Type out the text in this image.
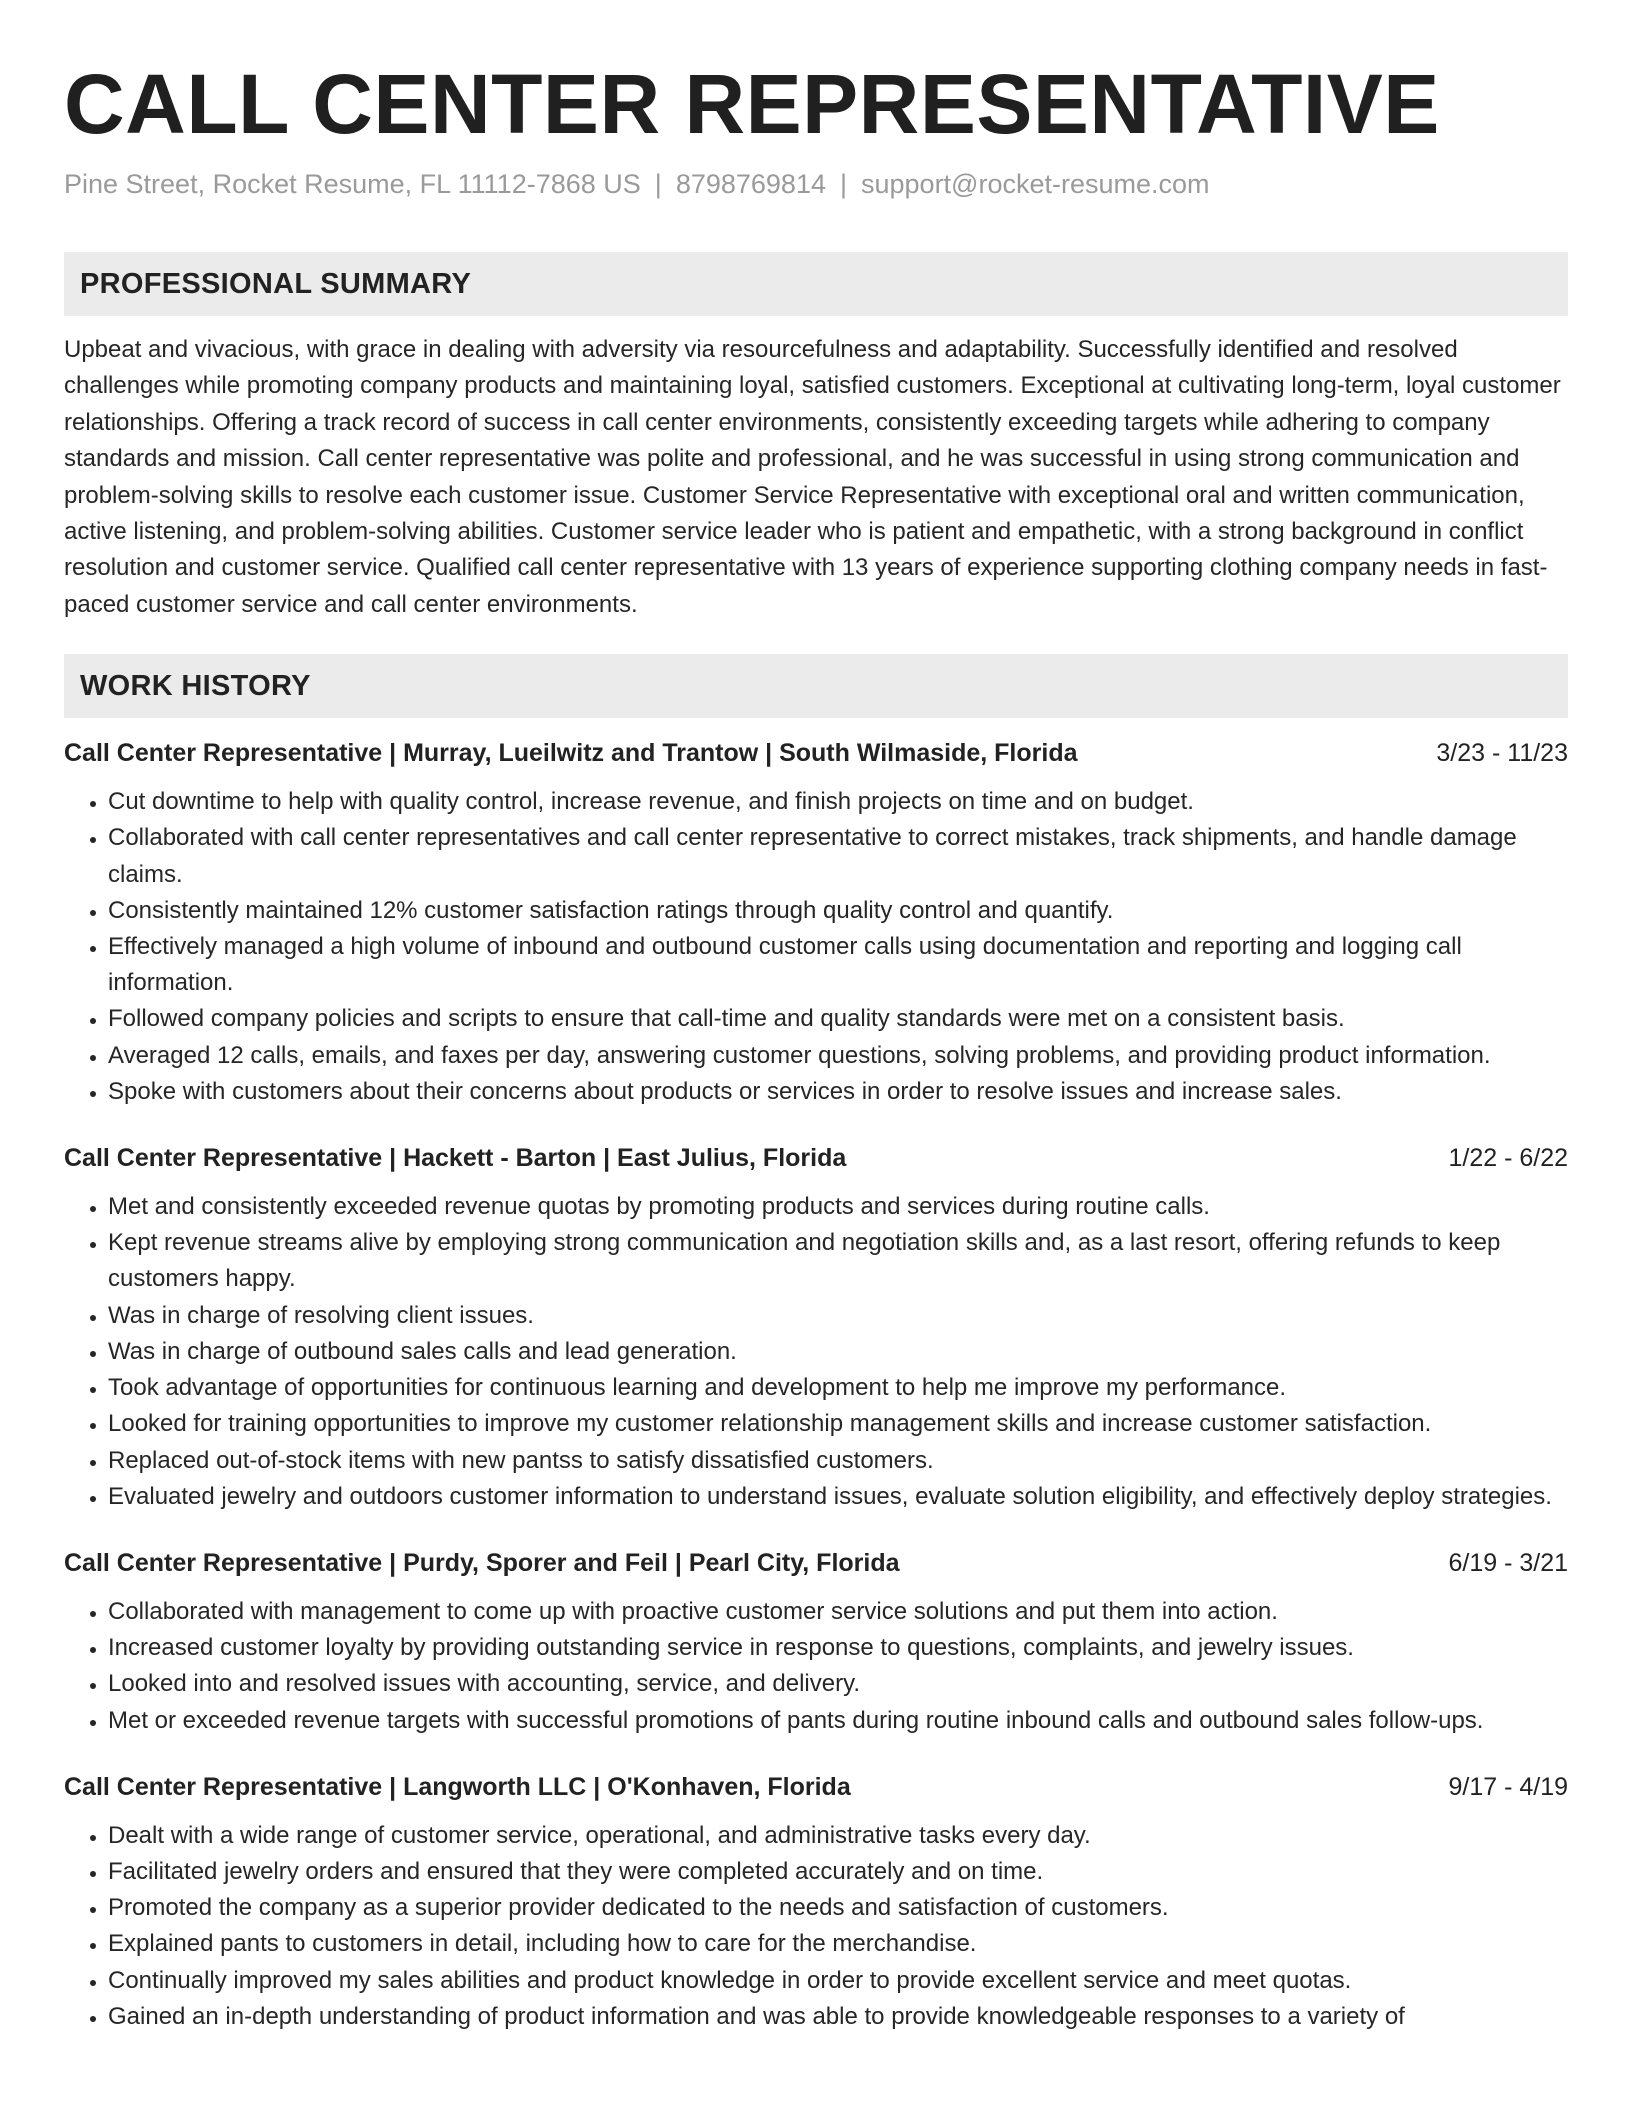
CALL CENTER REPRESENTATIVE
Pine Street, Rocket Resume, FL 11112-7868 US | 8798769814 | support@rocket-resume.com
PROFESSIONAL SUMMARY

Upbeat and vivacious, with grace in dealing with adversity via resourcefulness and adaptability. Successfully identified and resolved challenges while promoting company products and maintaining loyal, satisfied customers. Exceptional at cultivating long-term, loyal customer relationships. Offering a track record of success in call center environments, consistently exceeding targets while adhering to company standards and mission. Call center representative was polite and professional, and he was successful in using strong communication and problem-solving skills to resolve each customer issue. Customer Service Representative with exceptional oral and written communication, active listening, and problem-solving abilities. Customer service leader who is patient and empathetic, with a strong background in conflict resolution and customer service. Qualified call center representative with 13 years of experience supporting clothing company needs in fast-paced customer service and call center environments.

WORK HISTORY
Call Center Representative | Murray, Lueilwitz and Trantow | South Wilmaside, Florida	3/23 - 11/23
• Cut downtime to help with quality control, increase revenue, and finish projects on time and on budget.
• Collaborated with call center representatives and call center representative to correct mistakes, track shipments, and handle damage claims.
• Consistently maintained 12% customer satisfaction ratings through quality control and quantify.
• Effectively managed a high volume of inbound and outbound customer calls using documentation and reporting and logging call information.
• Followed company policies and scripts to ensure that call-time and quality standards were met on a consistent basis.
• Averaged 12 calls, emails, and faxes per day, answering customer questions, solving problems, and providing product information.
• Spoke with customers about their concerns about products or services in order to resolve issues and increase sales.
Call Center Representative | Hackett - Barton | East Julius, Florida	1/22 - 6/22
• Met and consistently exceeded revenue quotas by promoting products and services during routine calls.
• Kept revenue streams alive by employing strong communication and negotiation skills and, as a last resort, offering refunds to keep customers happy.
• Was in charge of resolving client issues.
• Was in charge of outbound sales calls and lead generation.
• Took advantage of opportunities for continuous learning and development to help me improve my performance.
• Looked for training opportunities to improve my customer relationship management skills and increase customer satisfaction.
• Replaced out-of-stock items with new pantss to satisfy dissatisfied customers.
• Evaluated jewelry and outdoors customer information to understand issues, evaluate solution eligibility, and effectively deploy strategies.
Call Center Representative | Purdy, Sporer and Feil | Pearl City, Florida	6/19 - 3/21
• Collaborated with management to come up with proactive customer service solutions and put them into action.
• Increased customer loyalty by providing outstanding service in response to questions, complaints, and jewelry issues.
• Looked into and resolved issues with accounting, service, and delivery.
• Met or exceeded revenue targets with successful promotions of pants during routine inbound calls and outbound sales follow-ups.
Call Center Representative | Langworth LLC | O'Konhaven, Florida	9/17 - 4/19
• Dealt with a wide range of customer service, operational, and administrative tasks every day.
• Facilitated jewelry orders and ensured that they were completed accurately and on time.
• Promoted the company as a superior provider dedicated to the needs and satisfaction of customers.
• Explained pants to customers in detail, including how to care for the merchandise.
• Continually improved my sales abilities and product knowledge in order to provide excellent service and meet quotas.
• Gained an in-depth understanding of product information and was able to provide knowledgeable responses to a variety of
